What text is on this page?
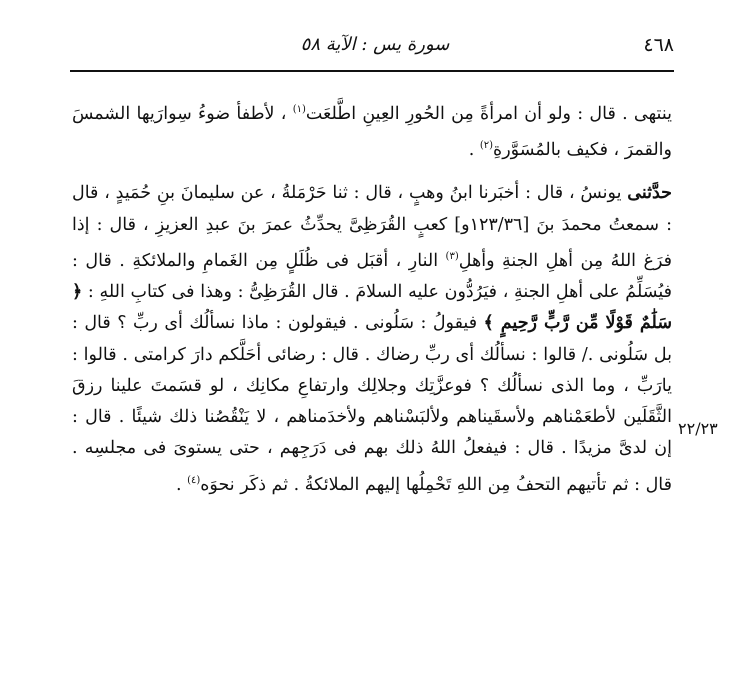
٤٦٨
سورة يس : الآية ٥٨

ينتهى . قال : ولو أن امرأةً مِن الحُورِ العِينِ اطَّلعَت$^{(١)}$ ، لأطفأ ضوءُ سِوارَيها الشمسَ والقمرَ ، فكيف بالمُسَوَّرةِ$^{(٢)}$ .

حدَّثنى يونسُ ، قال : أخبَرنا ابنُ وهبٍ ، قال : ثنا حَرْمَلةُ ، عن سليمانَ بنِ حُمَيدٍ ، قال : سمعتُ محمدَ بنَ [١٢٣/٣٦و] كعبٍ القُرَظِىَّ يحدِّثُ عمرَ بنَ عبدِ العزيزِ ، قال : إذا فرَغ اللهُ مِن أهلِ الجنةِ وأهلِ$^{(٣)}$ النارِ ، أقبَل فى ظُلَلٍ مِن الغَمامِ والملائكةِ . قال : فيُسَلِّمُ على أهلِ الجنةِ ، فيَرُدُّون عليه السلامَ . قال القُرَظِىُّ : وهذا فى كتابِ اللهِ : ﴿ سَلَٰمٌ قَوْلًا مِّن رَّبٍّ رَّحِيمٍ ﴾ فيقولُ : سَلُونى . فيقولون : ماذا نسألُك أى ربِّ ؟ قال : بل سَلُونى ./ قالوا : نسألُك أى ربِّ رضاك . قال : رضائى أحَلَّكم دارَ كرامتى . قالوا : يارَبِّ ، وما الذى نسألُك ؟ فوعزَّتِك وجلالِك وارتفاعِ مكانِك ، لو قسَمتَ علينا رزقَ الثَّقَلَين لأطعَمْناهم ولأسقَيناهم ولألبَسْناهم ولأخدَمناهم ، لا يَنْقُصُنا ذلك شيئًا . قال : إن لدىَّ مزيدًا . قال : فيفعلُ اللهُ ذلك بهم فى دَرَجِهم ، حتى يستوىَ فى مجلسِه . قال : ثم تأتيهم التحفُ مِن اللهِ تَحْمِلُها إليهم الملائكةُ . ثم ذكَر نحوَه$^{(٤)}$ .

٢٢/٢٣
